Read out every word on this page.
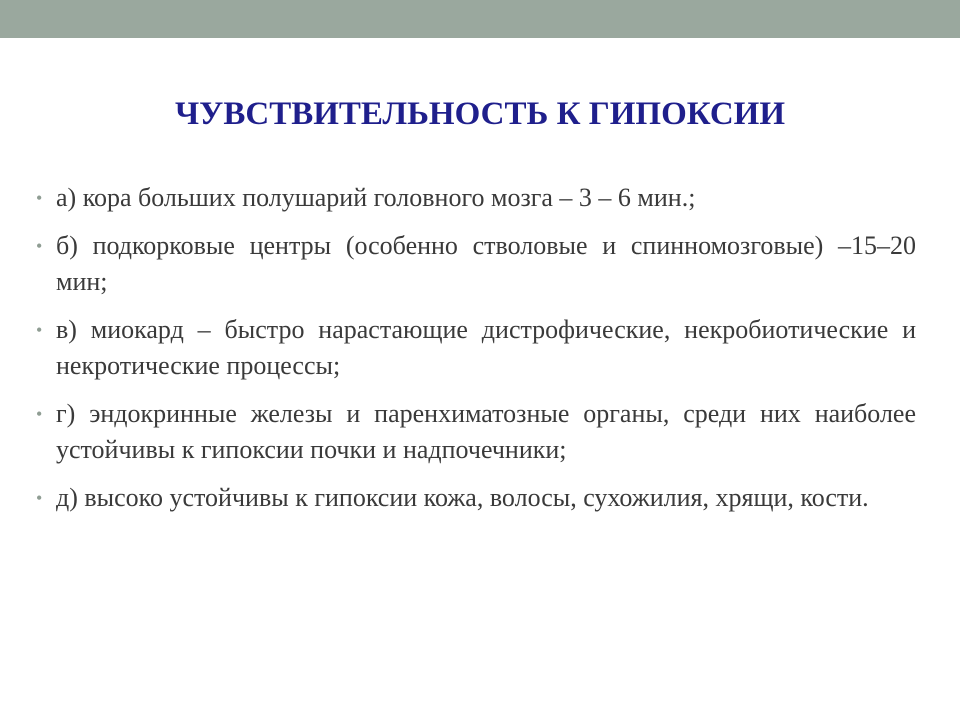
ЧУВСТВИТЕЛЬНОСТЬ К ГИПОКСИИ
• а) кора больших полушарий головного мозга – 3 – 6 мин.;
• б) подкорковые центры (особенно стволовые и спинномозговые) –15–20 мин;
• в) миокард – быстро нарастающие дистрофические, некробиотические и некротические процессы;
• г) эндокринные железы и паренхиматозные органы, среди них наиболее устойчивы к гипоксии почки и надпочечники;
• д) высоко устойчивы к гипоксии кожа, волосы, сухожилия, хрящи, кости.
